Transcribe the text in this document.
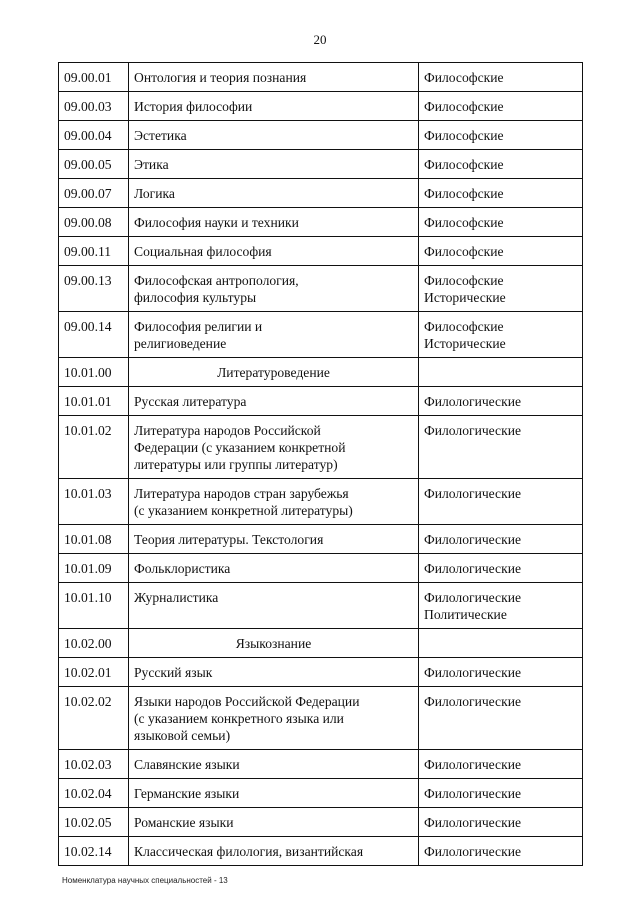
20
09.00.01	Онтология и теория познания	Философские
09.00.03	История философии	Философские
09.00.04	Эстетика	Философские
09.00.05	Этика	Философские
09.00.07	Логика	Философские
09.00.08	Философия науки и техники	Философские
09.00.11	Социальная философия	Философские
09.00.13	Философская антропология,
философия культуры	Философские
Исторические
09.00.14	Философия религии и
религиоведение	Философские
Исторические
10.01.00	Литературоведение	
10.01.01	Русская литература	Филологические
10.01.02	Литература народов Российской
Федерации (с указанием конкретной
литературы или группы литератур)	Филологические
10.01.03	Литература народов стран зарубежья
(с указанием конкретной литературы)	Филологические
10.01.08	Теория литературы. Текстология	Филологические
10.01.09	Фольклористика	Филологические
10.01.10	Журналистика	Филологические
Политические
10.02.00	Языкознание	
10.02.01	Русский язык	Филологические
10.02.02	Языки народов Российской Федерации
(с указанием конкретного языка или
языковой семьи)	Филологические
10.02.03	Славянские языки	Филологические
10.02.04	Германские языки	Филологические
10.02.05	Романские языки	Филологические
10.02.14	Классическая филология, византийская	Филологические
Номенклатура научных специальностей - 13
